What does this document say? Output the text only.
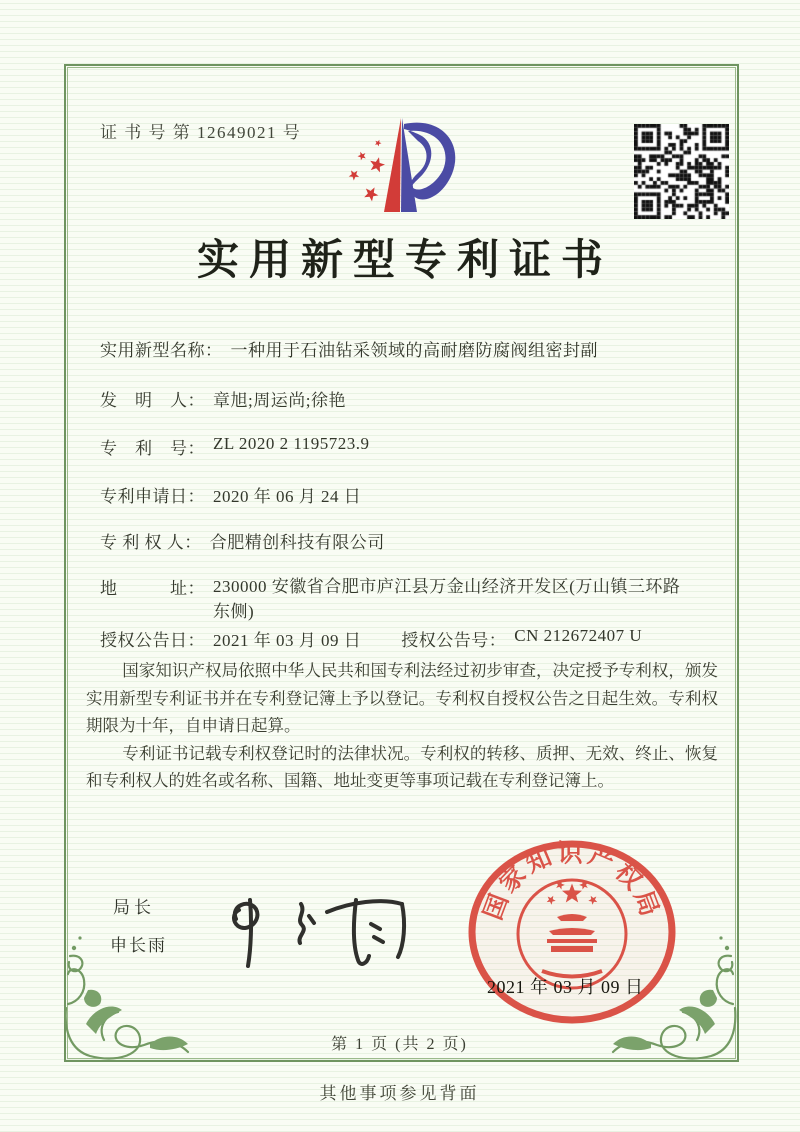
证 书 号 第 12649021 号
实用新型专利证书
实用新型名称： 一种用于石油钻采领域的高耐磨防腐阀组密封副
发　明　人： 章旭;周运尚;徐艳
专　利　号： ZL 2020 2 1195723.9
专利申请日： 2020 年 06 月 24 日
专 利 权 人： 合肥精创科技有限公司
地　　　址： 230000 安徽省合肥市庐江县万金山经济开发区(万山镇三环路东侧)
授权公告日： 2021 年 03 月 09 日 授权公告号： CN 212672407 U

国家知识产权局依照中华人民共和国专利法经过初步审查，决定授予专利权，颁发实用新型专利证书并在专利登记簿上予以登记。专利权自授权公告之日起生效。专利权期限为十年，自申请日起算。

专利证书记载专利权登记时的法律状况。专利权的转移、质押、无效、终止、恢复和专利权人的姓名或名称、国籍、地址变更等事项记载在专利登记簿上。

局长
申长雨
国家知识产权局
2021 年 03 月 09 日
第 1 页 (共 2 页)
其他事项参见背面
